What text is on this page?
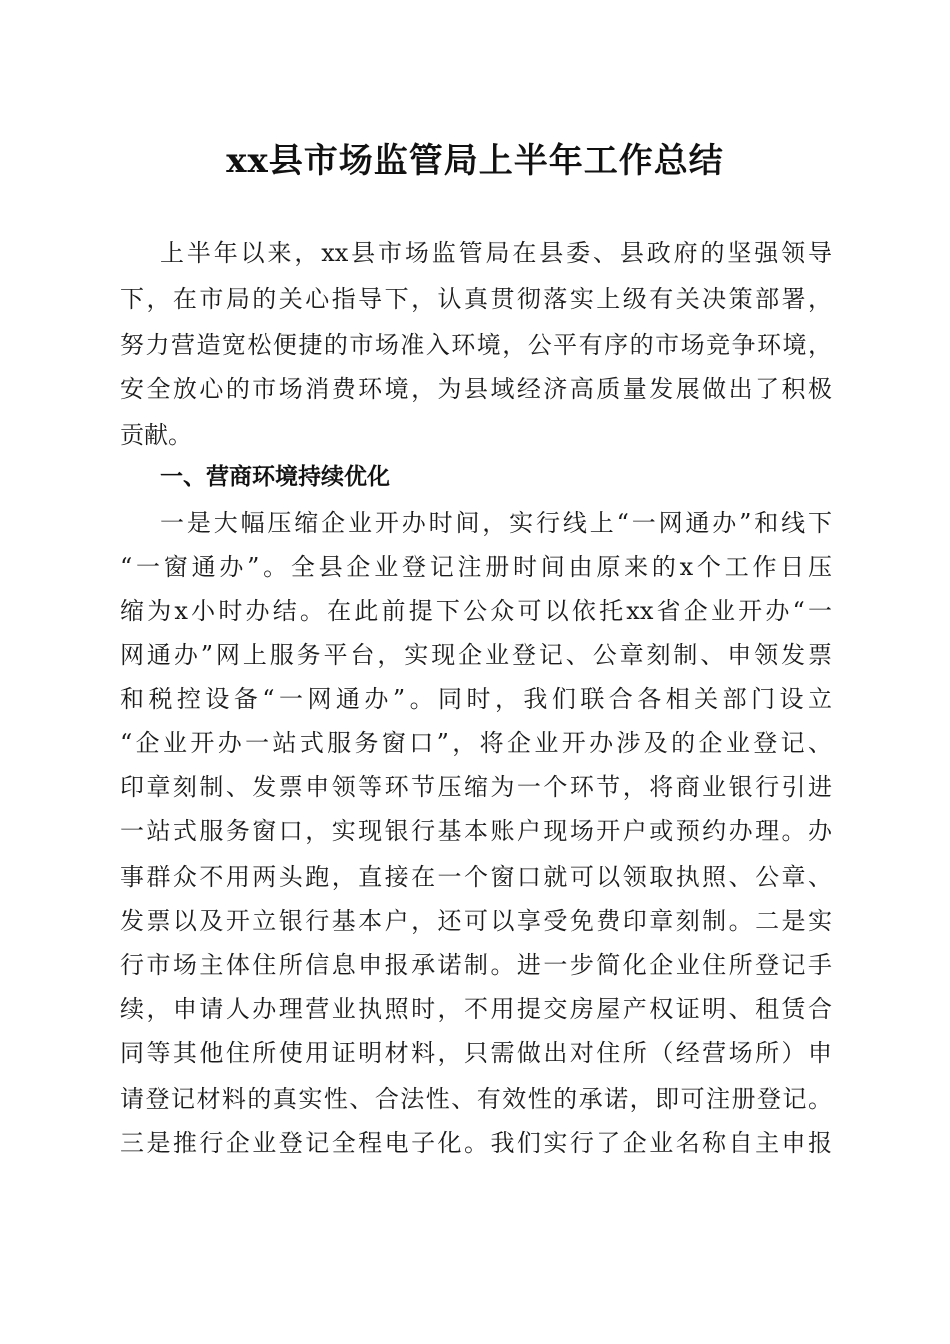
xx县市场监管局上半年工作总结

上半年以来，xx县市场监管局在县委、县政府的坚强领导

下，在市局的关心指导下，认真贯彻落实上级有关决策部署，

努力营造宽松便捷的市场准入环境，公平有序的市场竞争环境，

安全放心的市场消费环境，为县域经济高质量发展做出了积极

贡献。

一、营商环境持续优化

一是大幅压缩企业开办时间，实行线上“一网通办”和线下

“一窗通办”。全县企业登记注册时间由原来的x个工作日压

缩为x小时办结。在此前提下公众可以依托xx省企业开办“一

网通办”网上服务平台，实现企业登记、公章刻制、申领发票

和税控设备“一网通办”。同时，我们联合各相关部门设立

“企业开办一站式服务窗口”，将企业开办涉及的企业登记、

印章刻制、发票申领等环节压缩为一个环节，将商业银行引进

一站式服务窗口，实现银行基本账户现场开户或预约办理。办

事群众不用两头跑，直接在一个窗口就可以领取执照、公章、

发票以及开立银行基本户，还可以享受免费印章刻制。二是实

行市场主体住所信息申报承诺制。进一步简化企业住所登记手

续，申请人办理营业执照时，不用提交房屋产权证明、租赁合

同等其他住所使用证明材料，只需做出对住所（经营场所）申

请登记材料的真实性、合法性、有效性的承诺，即可注册登记。

三是推行企业登记全程电子化。我们实行了企业名称自主申报
